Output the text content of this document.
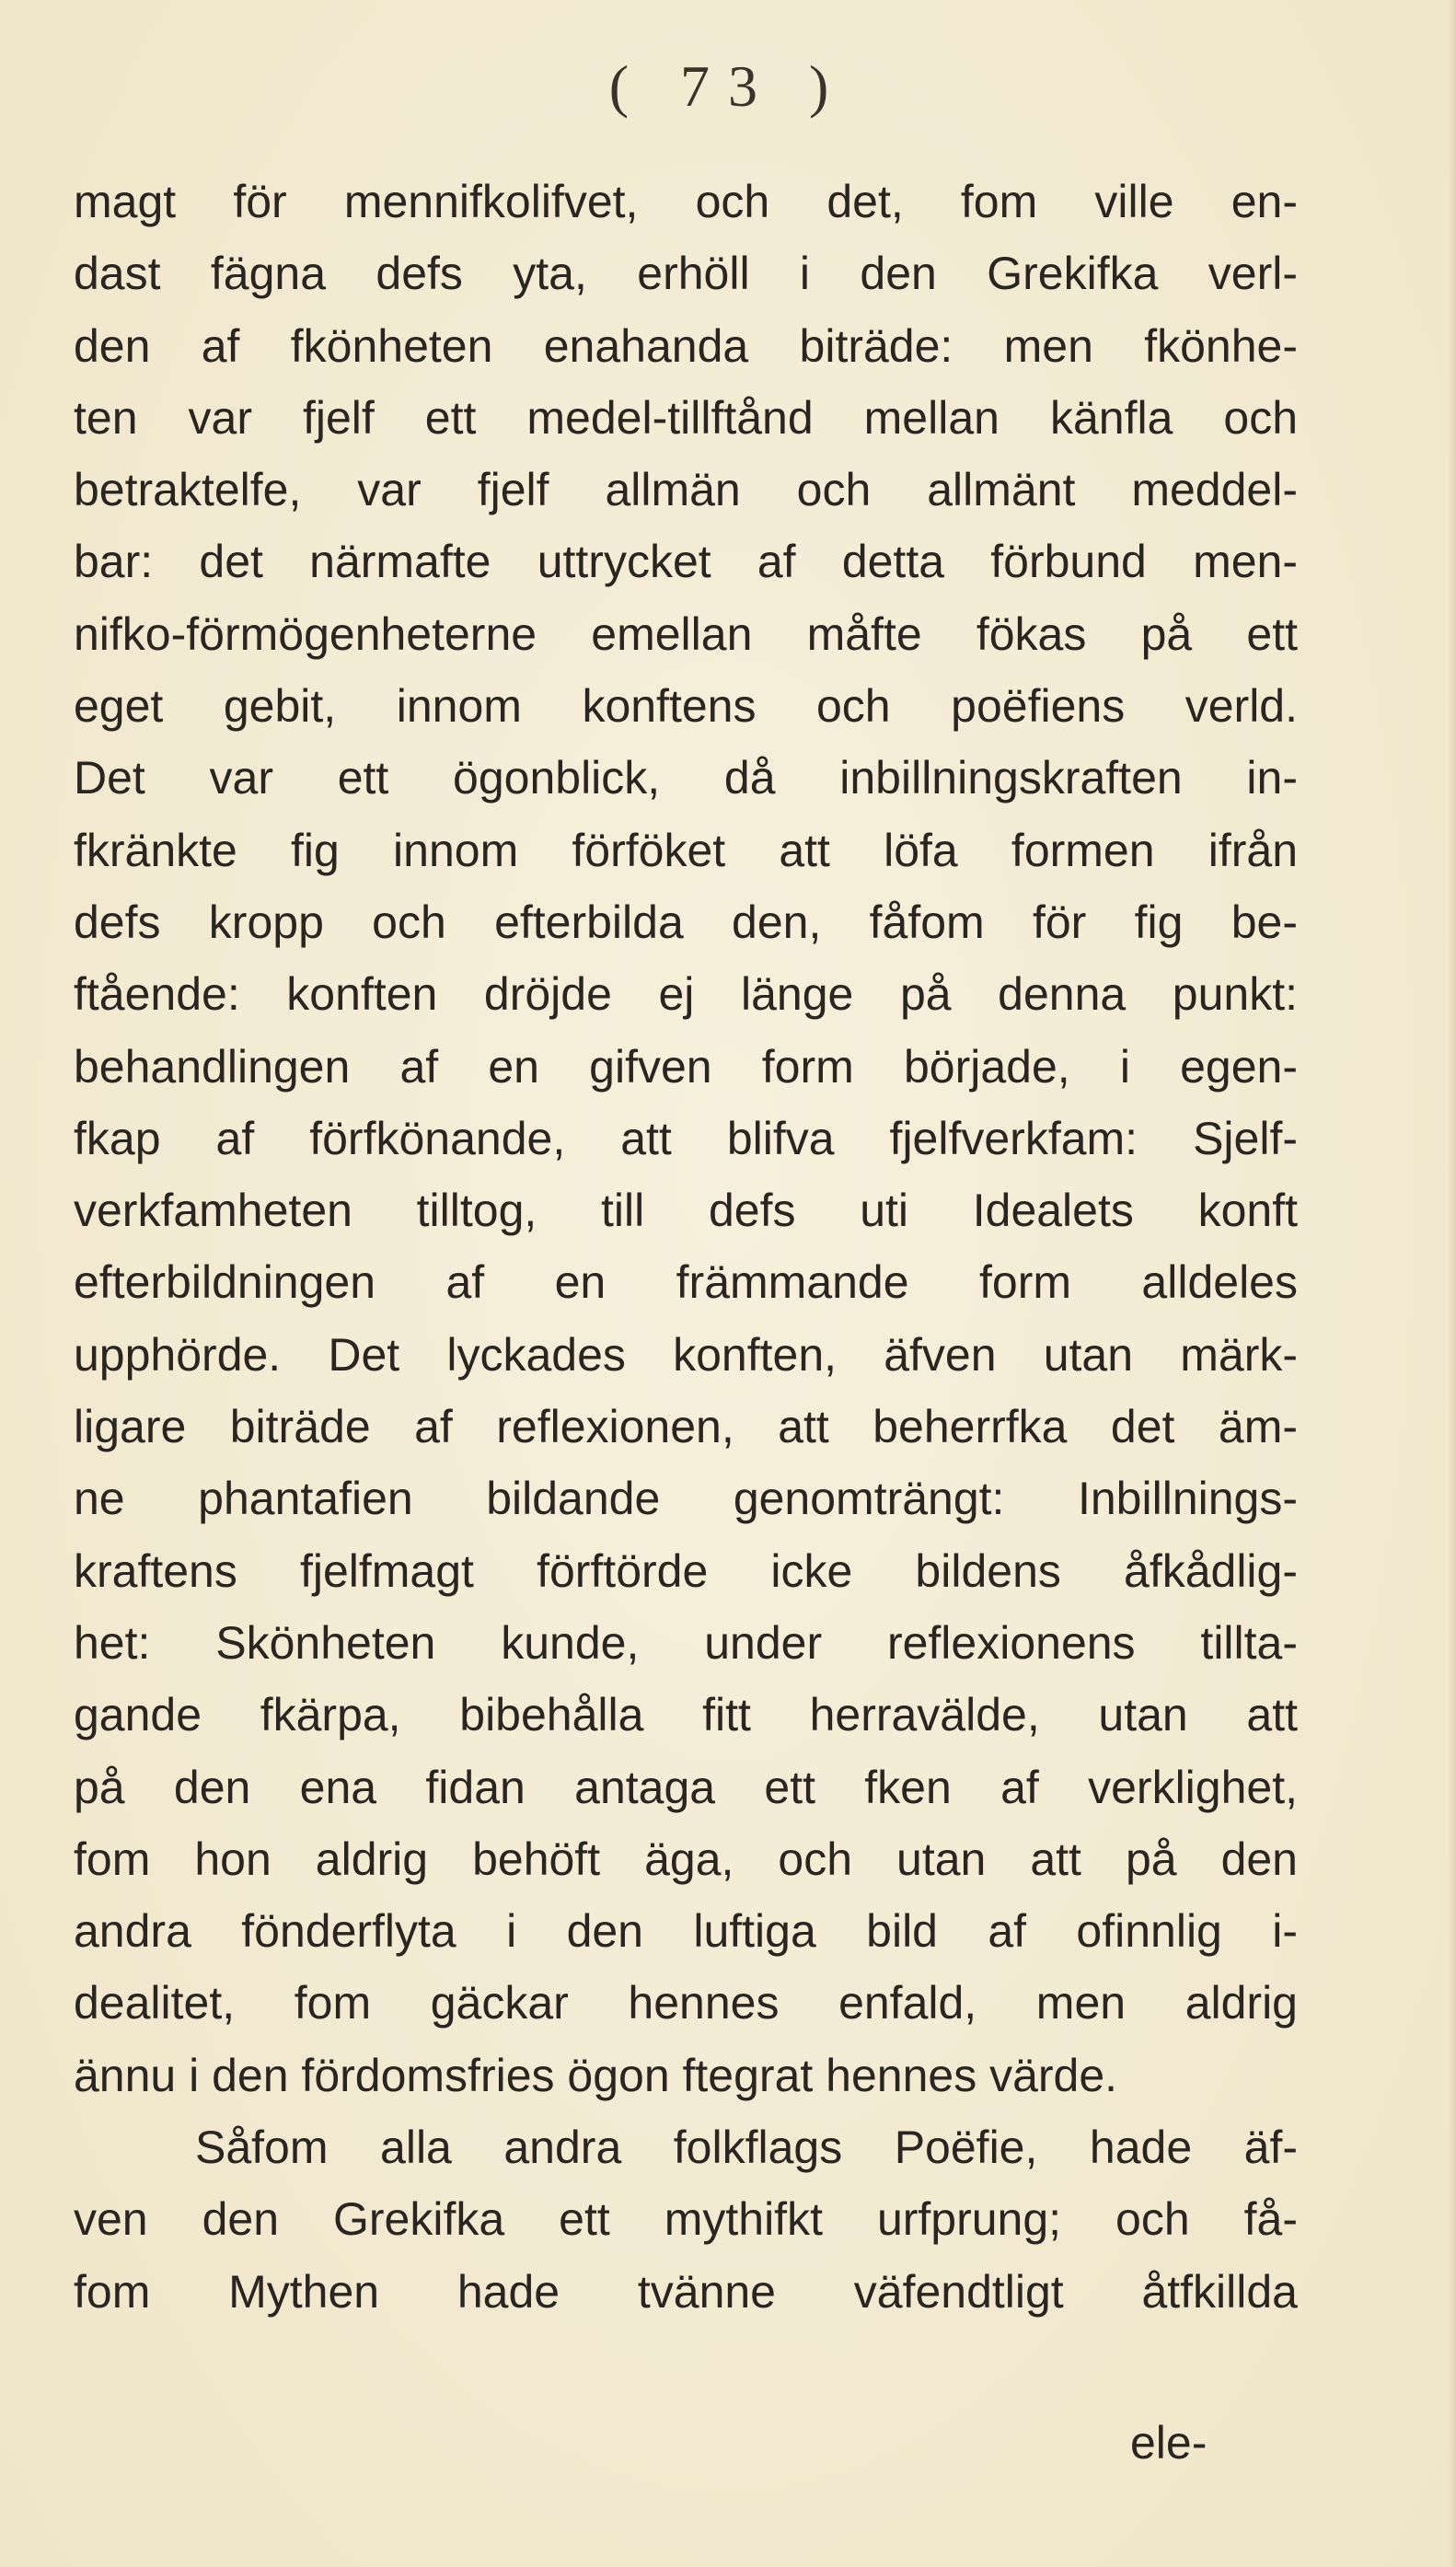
( 73 )
magt för mennifkolifvet, och det, fom ville en-
dast fägna defs yta, erhöll i den Grekifka verl-
den af fkönheten enahanda biträde: men fkönhe-
ten var fjelf ett medel-tillftånd mellan känfla och
betraktelfe, var fjelf allmän och allmänt meddel-
bar: det närmafte uttrycket af detta förbund men-
nifko-förmögenheterne emellan måfte fökas på ett
eget gebit, innom konftens och poëfiens verld.
Det var ett ögonblick, då inbillningskraften in-
fkränkte fig innom förföket att löfa formen ifrån
defs kropp och efterbilda den, fåfom för fig be-
ftående: konften dröjde ej länge på denna punkt:
behandlingen af en gifven form började, i egen-
fkap af förfkönande, att blifva fjelfverkfam: Sjelf-
verkfamheten tilltog, till defs uti Idealets konft
efterbildningen af en främmande form alldeles
upphörde. Det lyckades konften, äfven utan märk-
ligare biträde af reflexionen, att beherrfka det äm-
ne phantafien bildande genomträngt: Inbillnings-
kraftens fjelfmagt förftörde icke bildens åfkådlig-
het: Skönheten kunde, under reflexionens tillta-
gande fkärpa, bibehålla fitt herravälde, utan att
på den ena fidan antaga ett fken af verklighet,
fom hon aldrig behöft äga, och utan att på den
andra fönderflyta i den luftiga bild af ofinnlig i-
dealitet, fom gäckar hennes enfald, men aldrig
ännu i den fördomsfries ögon ftegrat hennes värde.
Såfom alla andra folkflags Poëfie, hade äf-
ven den Grekifka ett mythifkt urfprung; och få-
fom Mythen hade tvänne väfendtligt åtfkillda
ele-
